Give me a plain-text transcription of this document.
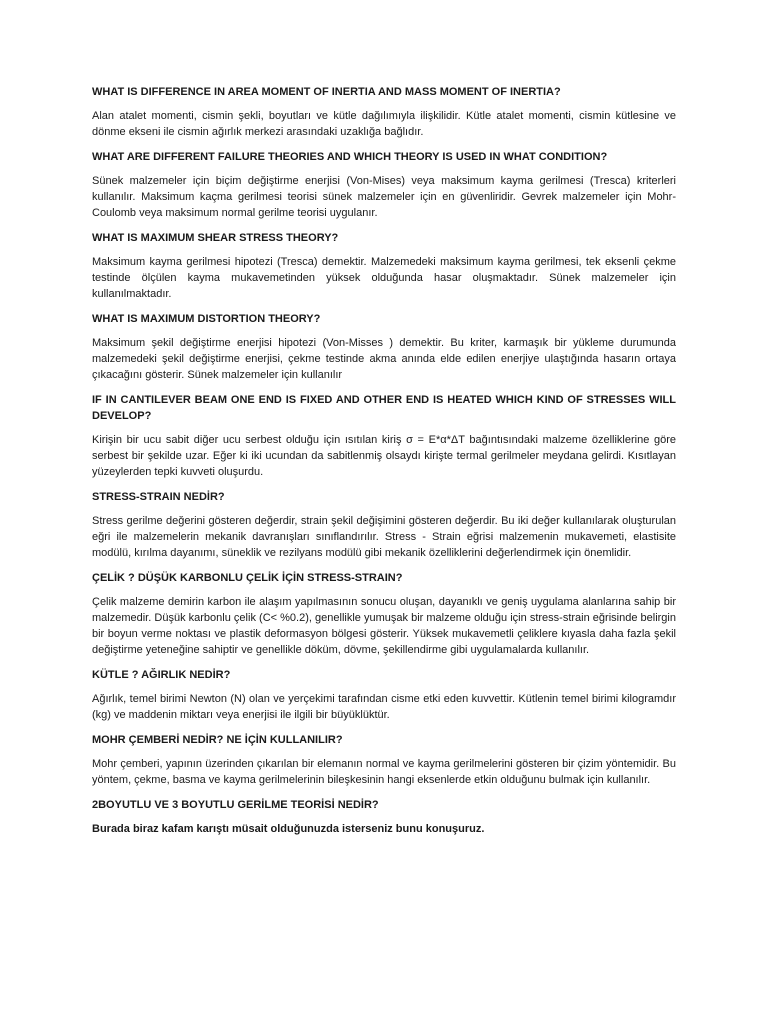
WHAT IS DIFFERENCE IN AREA MOMENT OF INERTIA AND MASS MOMENT OF INERTIA?
Alan atalet momenti, cismin şekli, boyutları ve kütle dağılımıyla ilişkilidir. Kütle atalet momenti, cismin kütlesine ve dönme ekseni ile cismin ağırlık merkezi arasındaki uzaklığa bağlıdır.
WHAT ARE DIFFERENT FAILURE THEORIES AND WHICH THEORY IS USED IN WHAT CONDITION?
Sünek malzemeler için biçim değiştirme enerjisi (Von-Mises) veya maksimum kayma gerilmesi (Tresca) kriterleri kullanılır. Maksimum kaçma gerilmesi teorisi sünek malzemeler için en güvenliridir. Gevrek malzemeler için Mohr-Coulomb veya maksimum normal gerilme teorisi uygulanır.
WHAT IS MAXIMUM SHEAR STRESS THEORY?
Maksimum kayma gerilmesi hipotezi (Tresca) demektir. Malzemedeki maksimum kayma gerilmesi, tek eksenli çekme testinde ölçülen kayma mukavemetinden yüksek olduğunda hasar oluşmaktadır. Sünek malzemeler için kullanılmaktadır.
WHAT IS MAXIMUM DISTORTION THEORY?
Maksimum şekil değiştirme enerjisi hipotezi (Von-Misses ) demektir. Bu kriter, karmaşık bir yükleme durumunda malzemedeki şekil değiştirme enerjisi, çekme testinde akma anında elde edilen enerjiye ulaştığında hasarın ortaya çıkacağını gösterir. Sünek malzemeler için kullanılır
IF IN CANTILEVER BEAM ONE END IS FIXED AND OTHER END IS HEATED WHICH KIND OF STRESSES WILL DEVELOP?
Kirişin bir ucu sabit diğer ucu serbest olduğu için ısıtılan kiriş σ = E*α*ΔT bağıntısındaki malzeme özelliklerine göre serbest bir şekilde uzar. Eğer ki iki ucundan da sabitlenmiş olsaydı kirişte termal gerilmeler meydana gelirdi. Kısıtlayan yüzeylerden tepki kuvveti oluşurdu.
STRESS-STRAIN NEDİR?
Stress gerilme değerini gösteren değerdir, strain şekil değişimini gösteren değerdir. Bu iki değer kullanılarak oluşturulan eğri ile malzemelerin mekanik davranışları sınıflandırılır. Stress - Strain eğrisi malzemenin mukavemeti, elastisite modülü, kırılma dayanımı, süneklik ve rezilyans modülü gibi mekanik özelliklerini değerlendirmek için önemlidir.
ÇELİK ? DÜŞÜK KARBONLU ÇELİK İÇİN STRESS-STRAIN?
Çelik malzeme demirin karbon ile alaşım yapılmasının sonucu oluşan, dayanıklı ve geniş uygulama alanlarına sahip bir malzemedir. Düşük karbonlu çelik (C< %0.2), genellikle yumuşak bir malzeme olduğu için stress-strain eğrisinde belirgin bir boyun verme noktası ve plastik deformasyon bölgesi gösterir. Yüksek mukavemetli çeliklere kıyasla daha fazla şekil değiştirme yeteneğine sahiptir ve genellikle döküm, dövme, şekillendirme gibi uygulamalarda kullanılır.
KÜTLE ? AĞIRLIK NEDİR?
Ağırlık, temel birimi Newton (N) olan ve yerçekimi tarafından cisme etki eden kuvvettir. Kütlenin temel birimi kilogramdır (kg) ve maddenin miktarı veya enerjisi ile ilgili bir büyüklüktür.
MOHR ÇEMBERİ NEDİR? NE İÇİN KULLANILIR?
Mohr çemberi, yapının üzerinden çıkarılan bir elemanın normal ve kayma gerilmelerini gösteren bir çizim yöntemidir. Bu yöntem, çekme, basma ve kayma gerilmelerinin bileşkesinin hangi eksenlerde etkin olduğunu bulmak için kullanılır.
2BOYUTLU VE 3 BOYUTLU GERİLME TEORİSİ NEDİR?
Burada biraz kafam karıştı müsait olduğunuzda isterseniz bunu konuşuruz.
